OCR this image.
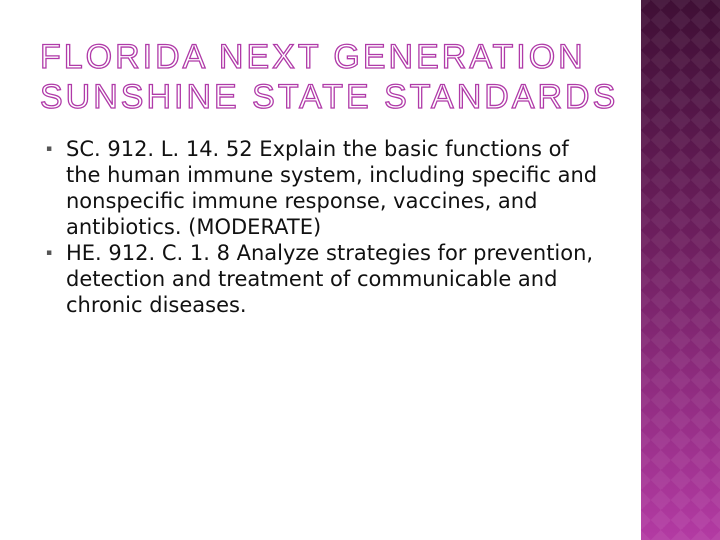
FLORIDA NEXT GENERATION
SUNSHINE STATE STANDARDS
▪ SC. 912. L. 14. 52 Explain the basic functions of the human immune system, including specific and nonspecific immune response, vaccines, and antibiotics. (MODERATE)
▪ HE. 912. C. 1. 8 Analyze strategies for prevention, detection and treatment of communicable and chronic diseases.
